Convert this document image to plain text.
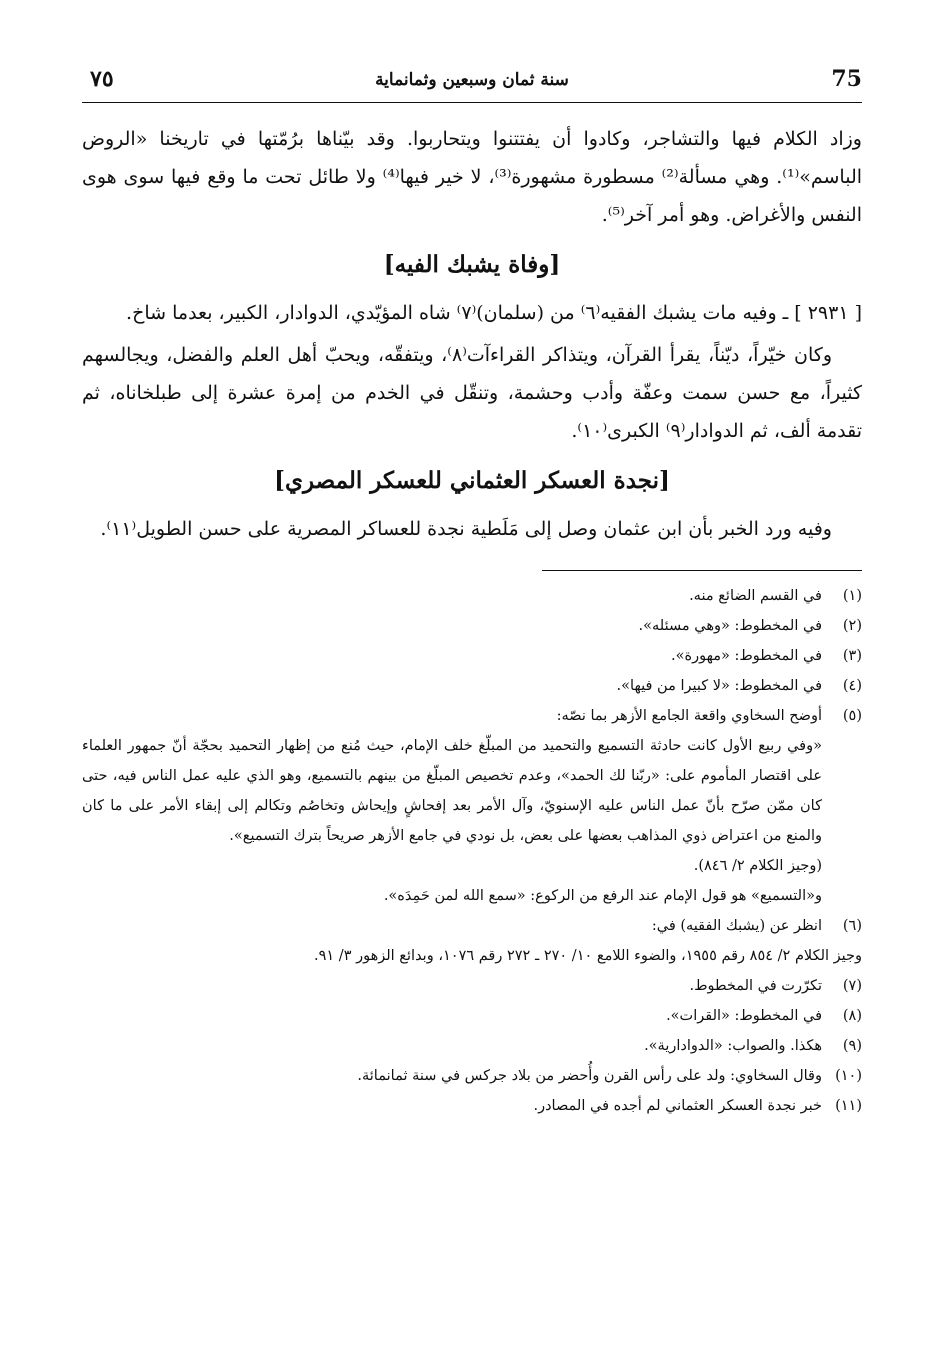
75
سنة ثمان وسبعين وثمانماية
٧٥

وزاد الكلام فيها والتشاجر، وكادوا أن يفتتنوا ويتحاربوا. وقد بيّناها برُمّتها في تاريخنا «الروض الباسم»⁽¹⁾. وهي مسألة⁽²⁾ مسطورة مشهورة⁽³⁾، لا خير فيها⁽⁴⁾ ولا طائل تحت ما وقع فيها سوى هوى النفس والأغراض. وهو أمر آخر⁽⁵⁾.

[وفاة يشبك الفيه]

[ ٢٩٣١ ] ـ وفيه مات يشبك الفقيه⁽٦⁾ من (سلمان)⁽٧⁾ شاه المؤيّدي، الدوادار، الكبير، بعدما شاخ.

وكان خيّراً، ديّناً، يقرأ القرآن، ويتذاكر القراءآت⁽٨⁾، ويتفقّه، ويحبّ أهل العلم والفضل، ويجالسهم كثيراً، مع حسن سمت وعفّة وأدب وحشمة، وتنقّل في الخدم من إمرة عشرة إلى طبلخاناه، ثم تقدمة ألف، ثم الدوادار⁽٩⁾ الكبرى⁽١٠⁾.

[نجدة العسكر العثماني للعسكر المصري]

وفيه ورد الخبر بأن ابن عثمان وصل إلى مَلَطية نجدة للعساكر المصرية على حسن الطويل⁽١١⁾.

(١)
في القسم الضائع منه.
(٢)
في المخطوط: «وهي مسئله».
(٣)
في المخطوط: «مهورة».
(٤)
في المخطوط: «لا كبيرا من فيها».
(٥)
أوضح السخاوي واقعة الجامع الأزهر بما نصّه:
«وفي ربيع الأول كانت حادثة التسميع والتحميد من المبلّغ خلف الإمام، حيث مُنع من إظهار التحميد بحجّة أنّ جمهور العلماء على اقتصار المأموم على: «ربّنا لك الحمد»، وعدم تخصيص المبلّغ من بينهم بالتسميع، وهو الذي عليه عمل الناس فيه، حتى كان ممّن صرّح بأنّ عمل الناس عليه الإسنويّ، وآل الأمر بعد إفحاشٍ وإيحاش وتخاصُم وتكالم إلى إبقاء الأمر على ما كان والمنع من اعتراض ذوي المذاهب بعضها على بعض، بل نودي في جامع الأزهر صريحاً بترك التسميع».
(وجيز الكلام ٢/ ٨٤٦).
و«التسميع» هو قول الإمام عند الرفع من الركوع: «سمع الله لمن حَمِدَه».
(٦)
انظر عن (يشبك الفقيه) في:
وجيز الكلام ٢/ ٨٥٤ رقم ١٩٥٥، والضوء اللامع ١٠/ ٢٧٠ ـ ٢٧٢ رقم ١٠٧٦، وبدائع الزهور ٣/ ٩١.
(٧)
تكرّرت في المخطوط.
(٨)
في المخطوط: «القرات».
(٩)
هكذا. والصواب: «الدوادارية».
(١٠)
وقال السخاوي: ولد على رأس القرن وأُحضر من بلاد جركس في سنة ثمانمائة.
(١١)
خبر نجدة العسكر العثماني لم أجده في المصادر.
